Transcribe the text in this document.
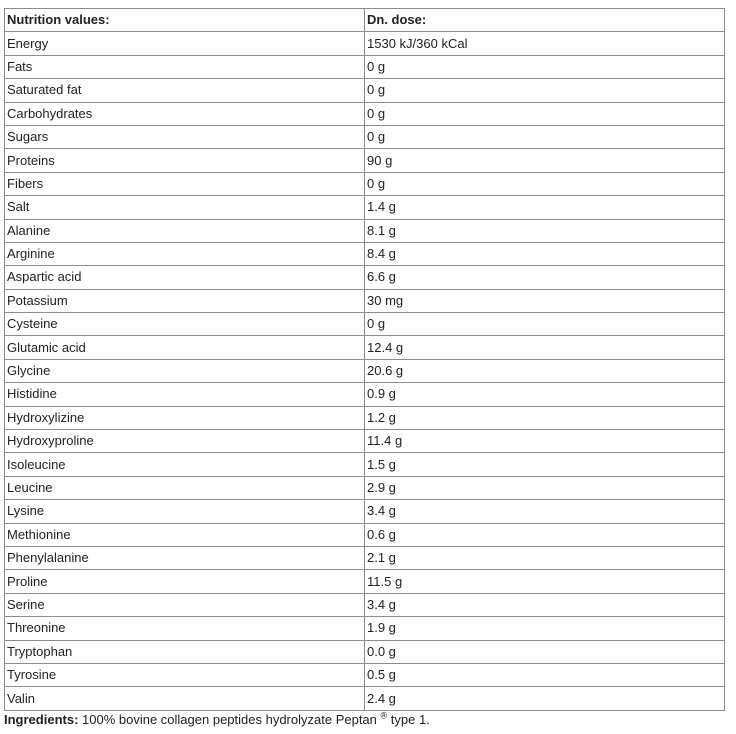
Nutrition values:	Dn. dose:
Energy	1530 kJ/360 kCal
Fats	0 g
Saturated fat	0 g
Carbohydrates	0 g
Sugars	0 g
Proteins	90 g
Fibers	0 g
Salt	1.4 g
Alanine	8.1 g
Arginine	8.4 g
Aspartic acid	6.6 g
Potassium	30 mg
Cysteine	0 g
Glutamic acid	12.4 g
Glycine	20.6 g
Histidine	0.9 g
Hydroxylizine	1.2 g
Hydroxyproline	11.4 g
Isoleucine	1.5 g
Leucine	2.9 g
Lysine	3.4 g
Methionine	0.6 g
Phenylalanine	2.1 g
Proline	11.5 g
Serine	3.4 g
Threonine	1.9 g
Tryptophan	0.0 g
Tyrosine	0.5 g
Valin	2.4 g
Ingredients: 100% bovine collagen peptides hydrolyzate Peptan ® type 1.
